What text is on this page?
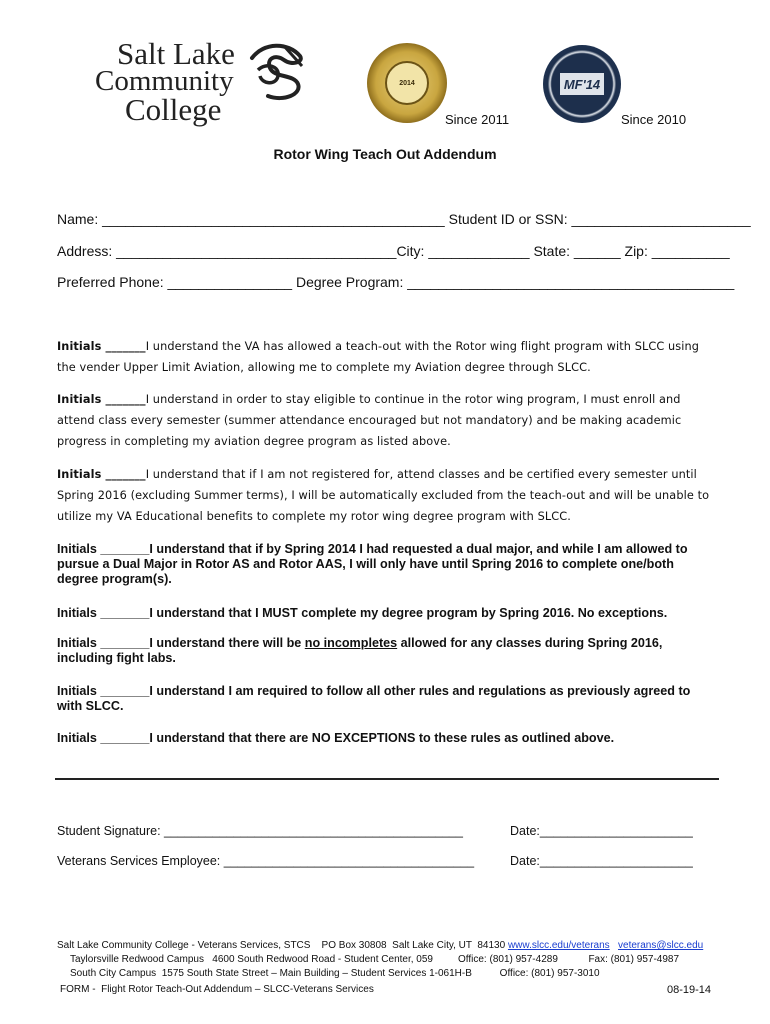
Salt Lake
Community
College
2014	MF'14
Since 2011	Since 2010
Rotor Wing Teach Out Addendum
Name: ____________________________________________ Student ID or SSN: _______________________
Address: ____________________________________City: _____________ State: ______ Zip: __________
Preferred Phone: ________________ Degree Program: __________________________________________
Initials _______I understand the VA has allowed a teach-out with the Rotor wing flight program with SLCC using the vender Upper Limit Aviation, allowing me to complete my Aviation degree through SLCC.
Initials _______I understand in order to stay eligible to continue in the rotor wing program, I must enroll and attend class every semester (summer attendance encouraged but not mandatory) and be making academic progress in completing my aviation degree program as listed above.
Initials _______I understand that if I am not registered for, attend classes and be certified every semester until Spring 2016 (excluding Summer terms), I will be automatically excluded from the teach-out and will be unable to utilize my VA Educational benefits to complete my rotor wing degree program with SLCC.
Initials _______I understand that if by Spring 2014 I had requested a dual major, and while I am allowed to pursue a Dual Major in Rotor AS and Rotor AAS, I will only have until Spring 2016 to complete one/both degree program(s).
Initials _______I understand that I MUST complete my degree program by Spring 2016. No exceptions.
Initials _______I understand there will be no incompletes allowed for any classes during Spring 2016, including fight labs.
Initials _______I understand I am required to follow all other rules and regulations as previously agreed to with SLCC.
Initials _______I understand that there are NO EXCEPTIONS to these rules as outlined above.
Student Signature: ___________________________________________	Date:______________________
Veterans Services Employee: ____________________________________	Date:______________________
Salt Lake Community College - Veterans Services, STCS    PO Box 30808  Salt Lake City, UT  84130 www.slcc.edu/veterans veterans@slcc.edu
Taylorsville Redwood Campus   4600 South Redwood Road - Student Center, 059         Office: (801) 957-4289           Fax: (801) 957-4987
South City Campus  1575 South State Street – Main Building – Student Services 1-061H-B          Office: (801) 957-3010
FORM -  Flight Rotor Teach-Out Addendum – SLCC-Veterans Services	08-19-14
